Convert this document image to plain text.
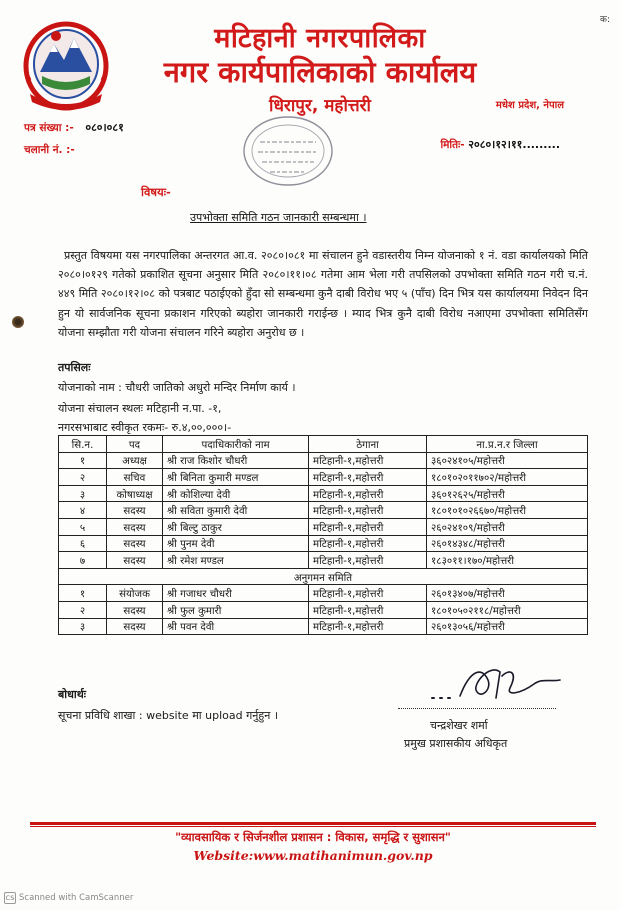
क:
मटिहानी नगरपालिका
नगर कार्यपालिकाको कार्यालय
धिरापुर, महोत्तरी	मधेश प्रदेश, नेपाल
पत्र संख्या :- ०८०।०८१
चलानी नं. :-	मितिः- २०८०।१२।११.........
विषयः-
उपभोक्ता समिति गठन जानकारी सम्बन्धमा ।
प्रस्तुत विषयमा यस नगरपालिका अन्तरगत आ.व. २०८०।०८१ मा संचालन हुने वडास्तरीय निम्न योजनाको १ नं. वडा कार्यालयको मिति २०८०।०१२९ गतेको प्रकाशित सूचना अनुसार मिति २०८०।११।०८ गतेमा आम भेला गरी तपसिलको उपभोक्ता समिति गठन गरी च.नं. ४४९ मिति २०८०।१२।०८ को पत्रबाट पठाईएको हुँदा सो सम्बन्धमा कुनै दाबी विरोध भए ५ (पाँच) दिन भित्र यस कार्यालयमा निवेदन दिन हुन यो सार्वजनिक सूचना प्रकाशन गरिएको ब्यहोरा जानकारी गराईन्छ । म्याद भित्र कुनै दाबी विरोध नआएमा उपभोक्ता समितिसँग योजना सम्झौता गरी योजना संचालन गरिने ब्यहोरा अनुरोध छ ।
तपसिलः
योजनाको नाम : चौधरी जातिको अधुरो मन्दिर निर्माण कार्य ।
योजना संचालन स्थलः मटिहानी न.पा. -१,
नगरसभाबाट स्वीकृत रकमः- रु.४,००,०००।-
सि.न.	पद	पदाधिकारीको नाम	ठेगाना	ना.प्र.न.र जिल्ला
१	अध्यक्ष	श्री राज किशोर चौधरी	मटिहानी-१,महोत्तरी	३६०२४१०५/महोत्तरी
२	सचिव	श्री बिनिता कुमारी मण्डल	मटिहानी-१,महोत्तरी	१८०१०२०११७०२/महोत्तरी
३	कोषाध्यक्ष	श्री कोशिल्या देवी	मटिहानी-१,महोत्तरी	३६०१२६२५/महोत्तरी
४	सदस्य	श्री सविता कुमारी देवी	मटिहानी-१,महोत्तरी	१८०१०१०२६६७०/महोत्तरी
५	सदस्य	श्री बिल्टु ठाकुर	मटिहानी-१,महोत्तरी	२६०२४१०९/महोत्तरी
६	सदस्य	श्री पुनम देवी	मटिहानी-१,महोत्तरी	२६०१४३४८/महोत्तरी
७	सदस्य	श्री रमेश मण्डल	मटिहानी-१,महोत्तरी	१८३०११।१७०/महोत्तरी
अनुगमन समिति				
१	संयोजक	श्री गजाधर चौधरी	मटिहानी-१,महोत्तरी	२६०१३४०७/महोत्तरी
२	सदस्य	श्री फुल कुमारी	मटिहानी-१,महोत्तरी	१८०१०५०२११८/महोत्तरी
३	सदस्य	श्री पवन देवी	मटिहानी-१,महोत्तरी	२६०१३०५६/महोत्तरी
बोधार्थः
सूचना प्रविधि शाखा : website मा upload गर्नुहुन ।
चन्द्रशेखर शर्मा
प्रमुख प्रशासकीय अधिकृत
"व्यावसायिक र सिर्जनशील प्रशासन : विकास, समृद्धि र सुशासन"
Website:www.matihanimun.gov.np
CS Scanned with CamScanner
